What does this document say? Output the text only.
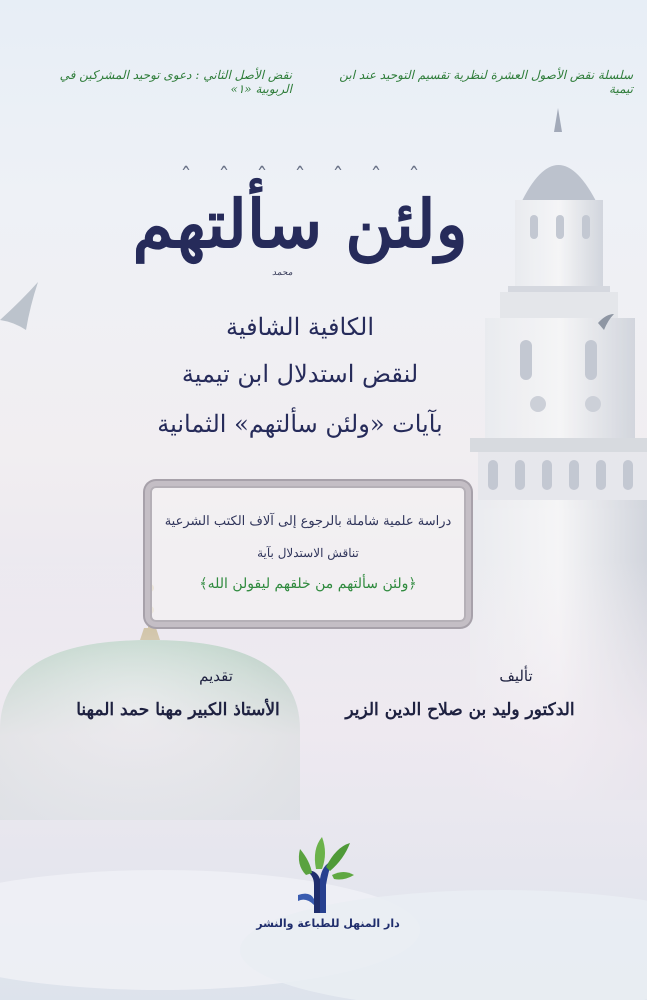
سلسلة نقض الأصول العشرة لنظرية تقسيم التوحيد عند ابن تيمية
نقض الأصل الثاني : دعوى توحيد المشركين في الربوبية «١»
ˆ ˆ ˆ ˆ ˆ ˆ ˆ
ولئن سألتهم
محمد
الكافية الشافية
لنقض استدلال ابن تيمية
بآيات «ولئن سألتهم» الثمانية
دراسة علمية شاملة بالرجوع إلى آلاف الكتب الشرعية
تناقش الاستدلال بآية
﴿ولئن سألتهم من خلقهم ليقولن الله﴾
تأليف
الدكتور وليد بن صلاح الدين الزير
تقديم
الأستاذ الكبير مهنا حمد المهنا
دار المنهل للطباعة والنشر
